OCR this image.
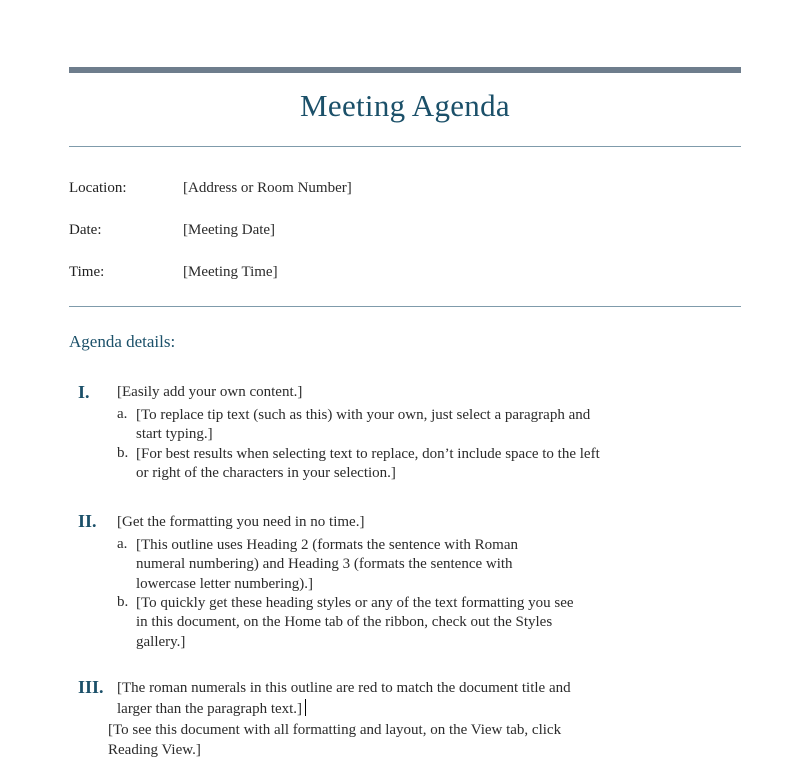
Meeting Agenda
Location:	[Address or Room Number]
Date:	[Meeting Date]
Time:	[Meeting Time]
Agenda details:
I. [Easily add your own content.]
a. [To replace tip text (such as this) with your own, just select a paragraph and start typing.]
b. [For best results when selecting text to replace, don’t include space to the left or right of the characters in your selection.]
II. [Get the formatting you need in no time.]
a. [This outline uses Heading 2 (formats the sentence with Roman numeral numbering) and Heading 3 (formats the sentence with lowercase letter numbering).]
b. [To quickly get these heading styles or any of the text formatting you see in this document, on the Home tab of the ribbon, check out the Styles gallery.]
III. [The roman numerals in this outline are red to match the document title and larger than the paragraph text.]
[To see this document with all formatting and layout, on the View tab, click Reading View.]
